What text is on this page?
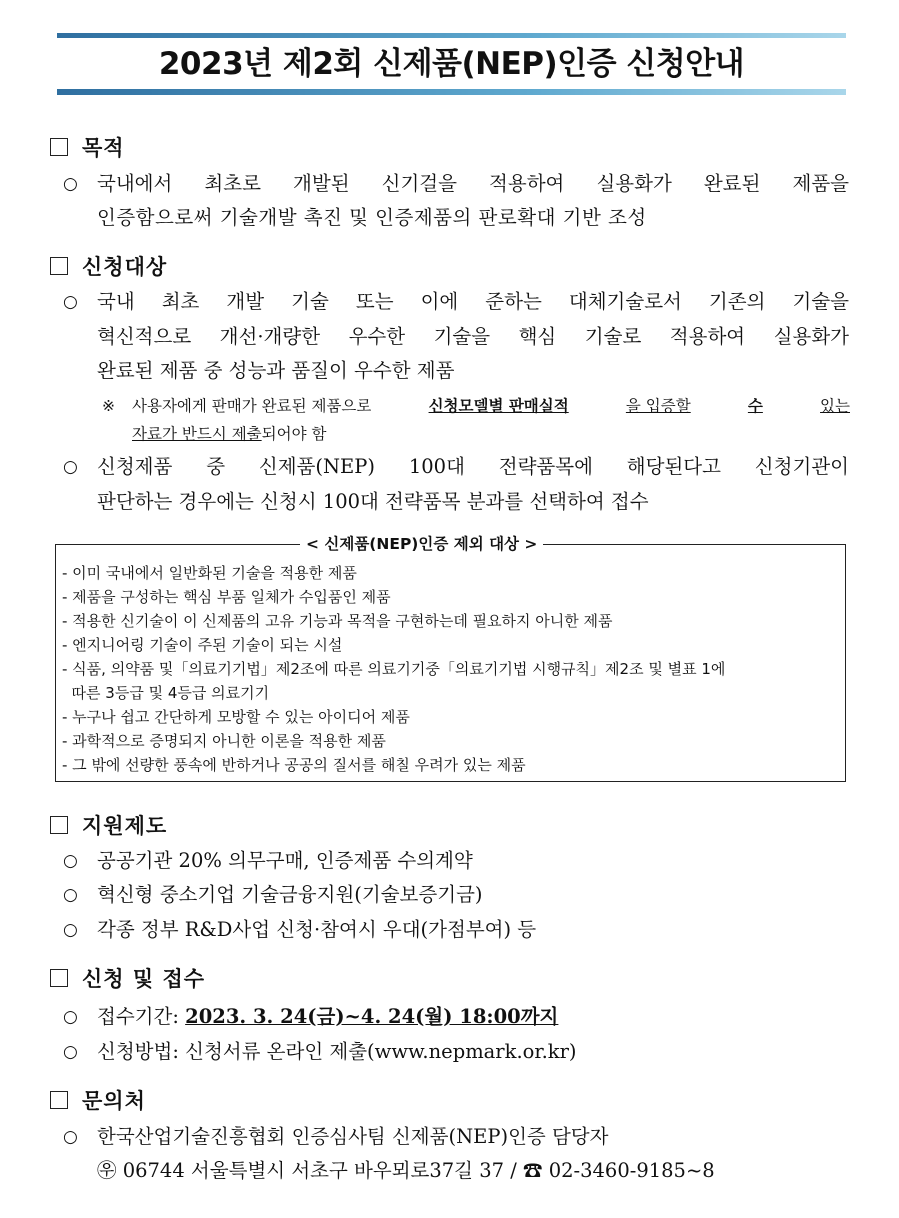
2023년 제2회 신제품(NEP)인증 신청안내
목적
○ 국내에서 최초로 개발된 신기걸을 적용하여 실용화가 완료된 제품을
인증함으로써 기술개발 촉진 및 인증제품의 판로확대 기반 조성
신청대상
○ 국내 최초 개발 기술 또는 이에 준하는 대체기술로서 기존의 기술을
혁신적으로 개선·개량한 우수한 기술을 핵심 기술로 적용하여 실용화가
완료된 제품 중 성능과 품질이 우수한 제품
※ 사용자에게 판매가 완료된 제품으로	신청모델별 판매실적	을 입증할	수	있는
자료가 반드시 제출되어야 함
○ 신청제품 중 신제품(NEP) 100대 전략품목에 해당된다고 신청기관이
판단하는 경우에는 신청시 100대 전략품목 분과를 선택하여 접수
< 신제품(NEP)인증 제외 대상 >
- 이미 국내에서 일반화된 기술을 적용한 제품
- 제품을 구성하는 핵심 부품 일체가 수입품인 제품
- 적용한 신기술이 이 신제품의 고유 기능과 목적을 구현하는데 필요하지 아니한 제품
- 엔지니어링 기술이 주된 기술이 되는 시설
- 식품, 의약품 및「의료기기법」제2조에 따른 의료기기중「의료기기법 시행규칙」제2조 및 별표 1에
따른 3등급 및 4등급 의료기기
- 누구나 쉽고 간단하게 모방할 수 있는 아이디어 제품
- 과학적으로 증명되지 아니한 이론을 적용한 제품
- 그 밖에 선량한 풍속에 반하거나 공공의 질서를 해칠 우려가 있는 제품
지원제도
○ 공공기관 20% 의무구매, 인증제품 수의계약
○ 혁신형 중소기업 기술금융지원(기술보증기금)
○ 각종 정부 R&D사업 신청·참여시 우대(가점부여) 등
신청 및 접수
○ 접수기간: 2023. 3. 24(금)~4. 24(월) 18:00까지
○ 신청방법: 신청서류 온라인 제출(www.nepmark.or.kr)
문의처
○ 한국산업기술진흥협회 인증심사팀 신제품(NEP)인증 담당자
㉾ 06744 서울특별시 서초구 바우뫼로37길 37 / ☎ 02-3460-9185~8
